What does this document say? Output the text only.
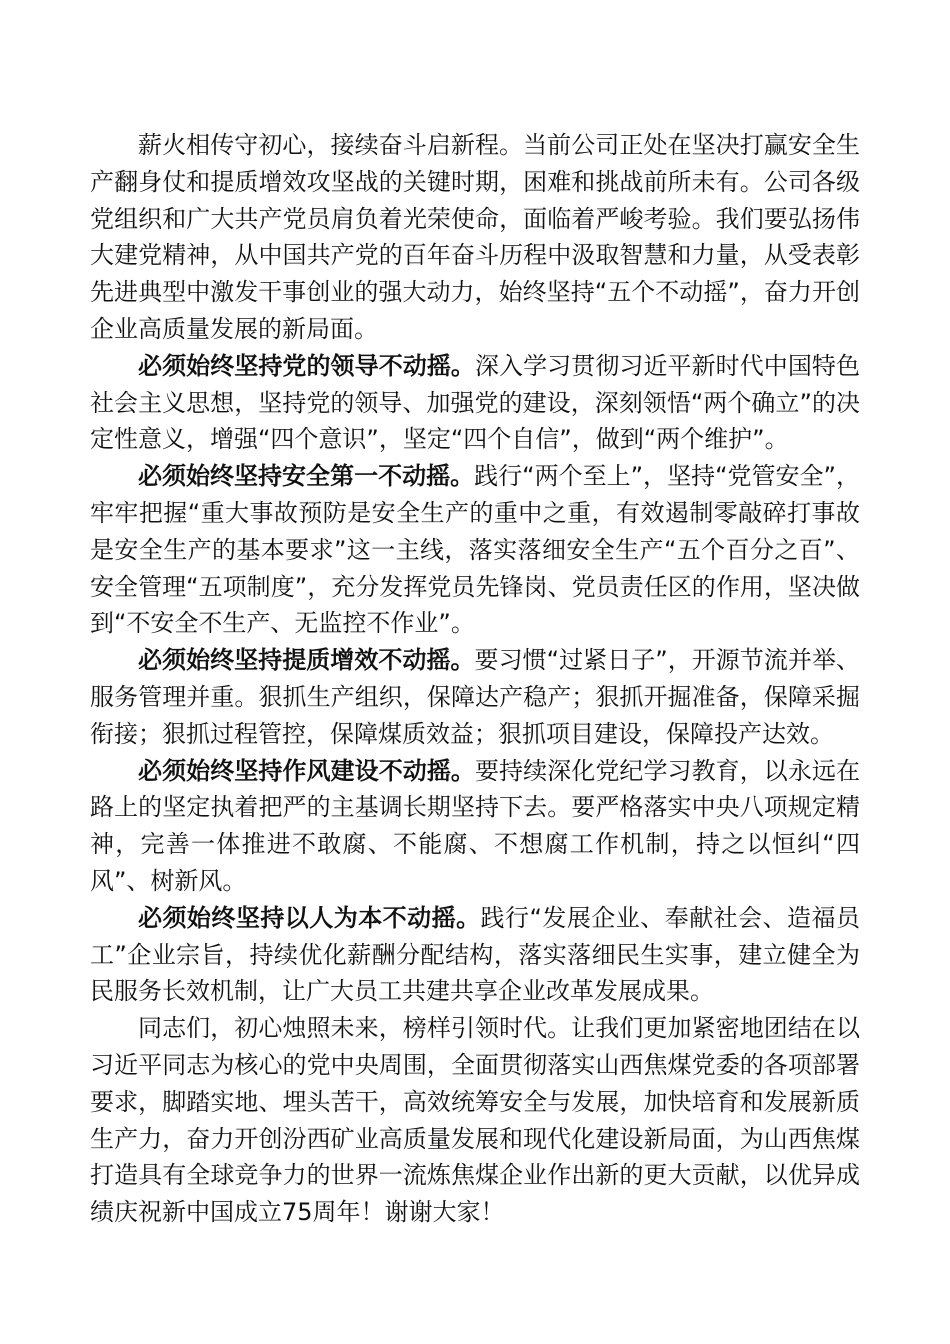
薪火相传守初心，接续奋斗启新程。当前公司正处在坚决打赢安全生产翻身仗和提质增效攻坚战的关键时期，困难和挑战前所未有。公司各级党组织和广大共产党员肩负着光荣使命，面临着严峻考验。我们要弘扬伟大建党精神，从中国共产党的百年奋斗历程中汲取智慧和力量，从受表彰先进典型中激发干事创业的强大动力，始终坚持“五个不动摇”，奋力开创企业高质量发展的新局面。

必须始终坚持党的领导不动摇。深入学习贯彻习近平新时代中国特色社会主义思想，坚持党的领导、加强党的建设，深刻领悟“两个确立”的决定性意义，增强“四个意识”，坚定“四个自信”，做到“两个维护”。

必须始终坚持安全第一不动摇。践行“两个至上”，坚持“党管安全”，牢牢把握“重大事故预防是安全生产的重中之重，有效遏制零敲碎打事故是安全生产的基本要求”这一主线，落实落细安全生产“五个百分之百”、安全管理“五项制度”，充分发挥党员先锋岗、党员责任区的作用，坚决做到“不安全不生产、无监控不作业”。

必须始终坚持提质增效不动摇。要习惯“过紧日子”，开源节流并举、服务管理并重。狠抓生产组织，保障达产稳产；狠抓开掘准备，保障采掘衔接；狠抓过程管控，保障煤质效益；狠抓项目建设，保障投产达效。

必须始终坚持作风建设不动摇。要持续深化党纪学习教育，以永远在路上的坚定执着把严的主基调长期坚持下去。要严格落实中央八项规定精神，完善一体推进不敢腐、不能腐、不想腐工作机制，持之以恒纠“四风”、树新风。

必须始终坚持以人为本不动摇。践行“发展企业、奉献社会、造福员工”企业宗旨，持续优化薪酬分配结构，落实落细民生实事，建立健全为民服务长效机制，让广大员工共建共享企业改革发展成果。

同志们，初心烛照未来，榜样引领时代。让我们更加紧密地团结在以习近平同志为核心的党中央周围，全面贯彻落实山西焦煤党委的各项部署要求，脚踏实地、埋头苦干，高效统筹安全与发展，加快培育和发展新质生产力，奋力开创汾西矿业高质量发展和现代化建设新局面，为山西焦煤打造具有全球竞争力的世界一流炼焦煤企业作出新的更大贡献，以优异成绩庆祝新中国成立75周年！谢谢大家！
